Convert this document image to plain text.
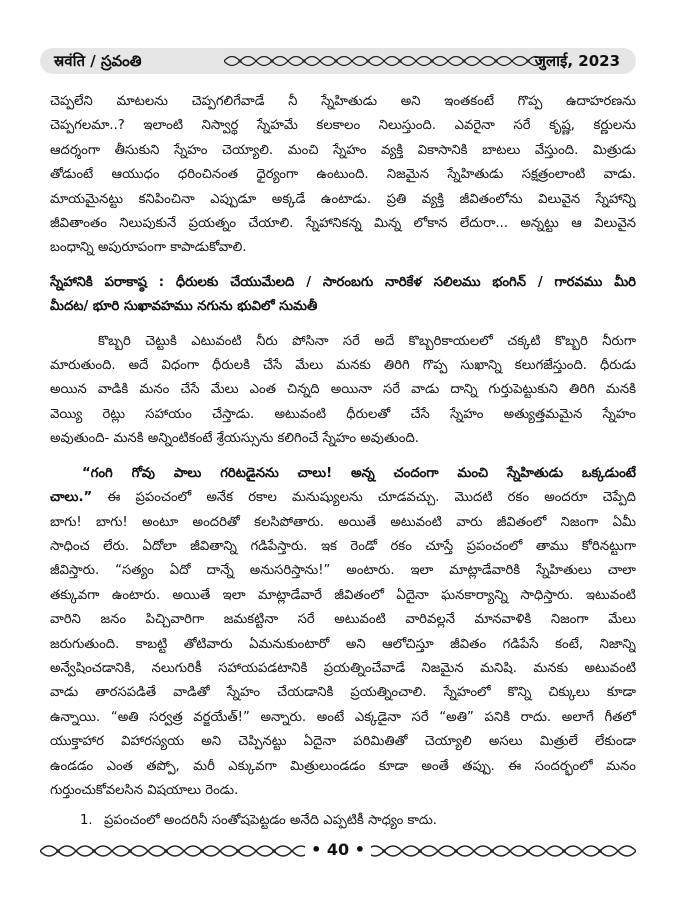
स्रवंति / స్రవంతి	जुलाई, 2023

చెప్పలేని మాటలను చెప్పగలిగేవాడే నీ స్నేహితుడు అని ఇంతకంటే గొప్ప ఉదాహరణను
చెప్పగలమా..? ఇలాంటి నిస్వార్థ స్నేహమే కలకాలం నిలుస్తుంది. ఎవరైనా సరే కృష్ణ, కర్ణులను
ఆదర్శంగా తీసుకుని స్నేహం చెయ్యాలి. మంచి స్నేహం వ్యక్తి వికాసానికి బాటలు వేస్తుంది. మిత్రుడు
తోడుంటే ఆయుధం ధరించినంత ధైర్యంగా ఉంటుంది. నిజమైన స్నేహితుడు సక్షత్రంలాంటి వాడు.
మాయమైనట్టు కనిపించినా ఎప్పుడూ అక్కడే ఉంటాడు. ప్రతి వ్యక్తి జీవితంలోను విలువైన స్నేహాన్ని
జీవితాంతం నిలుపుకునే ప్రయత్నం చేయాలి. స్నేహానికన్న మిన్న లోకాన లేదురా... అన్నట్టు ఆ విలువైన
బంధాన్ని అపురూపంగా కాపాడుకోవాలి.

స్నేహానికి పరాకాష్ఠ : ధీరులకు చేయుమేలది / సారంబగు నారికేళ సలిలము భంగిన్ / గారవము మీరి
మీదట/ భూరి సుఖావహము నగును భువిలో సుమతీ

కొబ్బరి చెట్టుకి ఎటువంటి నీరు పోసినా సరే అదే కొబ్బరికాయలలో చక్కటి కొబ్బరి నీరుగా
మారుతుంది. అదే విధంగా ధీరులకి చేసే మేలు మనకు తిరిగి గొప్ప సుఖాన్ని కలుగజేస్తుంది. ధీరుడు
అయిన వాడికి మనం చేసే మేలు ఎంత చిన్నది అయినా సరే వాడు దాన్ని గుర్తుపెట్టుకుని తిరిగి మనకి
వెయ్యి రెట్లు సహాయం చేస్తాడు. అటువంటి ధీరులతో చేసే స్నేహం అత్యుత్తమమైన స్నేహం
అవుతుంది- మనకి అన్నింటికంటే శ్రేయస్సును కలిగించే స్నేహం అవుతుంది.

“గంగి గోవు పాలు గరిటడైనను చాలు! అన్న చందంగా మంచి స్నేహితుడు ఒక్కడుంటే
చాలు.” ఈ ప్రపంచంలో అనేక రకాల మనుష్యులను చూడవచ్చు. మొదటి రకం అందరూ చెప్పేది
బాగు! బాగు! అంటూ అందరితో కలసిపోతారు. అయితే అటువంటి వారు జీవితంలో నిజంగా ఏమీ
సాధించ లేరు. ఏదోలా జీవితాన్ని గడిపేస్తారు. ఇక రెండో రకం చూస్తే ప్రపంచంలో తాము కోరినట్టుగా
జీవిస్తారు. “సత్యం ఏదో దాన్నే అనుసరిస్తాను!” అంటారు. ఇలా మాట్లాడేవారికి స్నేహితులు చాలా
తక్కువగా ఉంటారు. అయితే ఇలా మాట్లాడేవారే జీవితంలో ఏదైనా ఘనకార్యాన్ని సాధిస్తారు. ఇటువంటి
వారిని జనం పిచ్చివారిగా జమకట్టినా సరే అటువంటి వారివల్లనే మానవాళికి నిజంగా మేలు
జరుగుతుంది. కాబట్టి తోటివారు ఏమనుకుంటారో అని ఆలోచిస్తూ జీవితం గడిపేసే కంటే, నిజాన్ని
అన్వేషించడానికి, నలుగురికీ సహాయపడటానికి ప్రయత్నించేవాడే నిజమైన మనిషి. మనకు అటువంటి
వాడు తారసపడితే వాడితో స్నేహం చేయడానికి ప్రయత్నించాలి. స్నేహంలో కొన్ని చిక్కులు కూడా
ఉన్నాయి. “అతి సర్వత్ర వర్జయేత్!” అన్నారు. అంటే ఎక్కడైనా సరే “అతి” పనికి రాదు. అలాగే గీతలో
యుక్తాహార విహారస్యయ అని చెప్పినట్టు ఏదైనా పరిమితితో చెయ్యాలి అసలు మిత్రులే లేకుండా
ఉండడం ఎంత తప్పో, మరీ ఎక్కువగా మిత్రులుండడం కూడా అంతే తప్పు. ఈ సందర్భంలో మనం
గుర్తుంచుకోవలసిన విషయాలు రెండు.

1. ప్రపంచంలో అందరినీ సంతోషపెట్టడం అనేది ఎప్పటికీ సాధ్యం కాదు.
• 40 •
